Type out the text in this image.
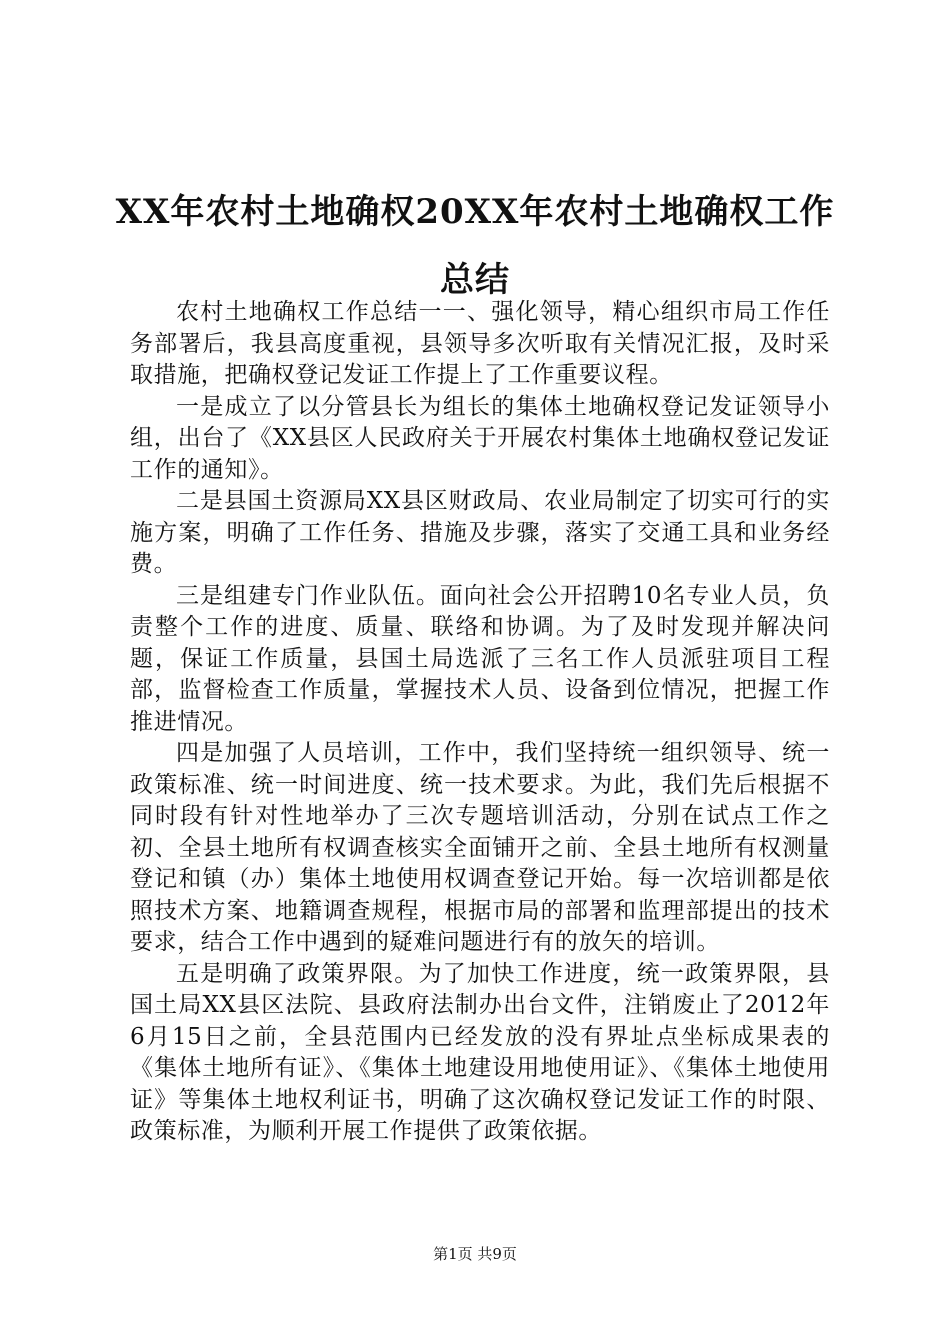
XX年农村土地确权20XX年农村土地确权工作总结

农村土地确权工作总结一一、强化领导，精心组织市局工作任务部署后，我县高度重视，县领导多次听取有关情况汇报，及时采取措施，把确权登记发证工作提上了工作重要议程。

一是成立了以分管县长为组长的集体土地确权登记发证领导小组，出台了《XX县区人民政府关于开展农村集体土地确权登记发证工作的通知》。

二是县国土资源局XX县区财政局、农业局制定了切实可行的实施方案，明确了工作任务、措施及步骤，落实了交通工具和业务经费。

三是组建专门作业队伍。面向社会公开招聘10名专业人员，负责整个工作的进度、质量、联络和协调。为了及时发现并解决问题，保证工作质量，县国土局选派了三名工作人员派驻项目工程部，监督检查工作质量，掌握技术人员、设备到位情况，把握工作推进情况。

四是加强了人员培训，工作中，我们坚持统一组织领导、统一政策标准、统一时间进度、统一技术要求。为此，我们先后根据不同时段有针对性地举办了三次专题培训活动，分别在试点工作之初、全县土地所有权调查核实全面铺开之前、全县土地所有权测量登记和镇（办）集体土地使用权调查登记开始。每一次培训都是依照技术方案、地籍调查规程，根据市局的部署和监理部提出的技术要求，结合工作中遇到的疑难问题进行有的放矢的培训。

五是明确了政策界限。为了加快工作进度，统一政策界限，县国土局XX县区法院、县政府法制办出台文件，注销废止了2012年6月15日之前，全县范围内已经发放的没有界址点坐标成果表的《集体土地所有证》、《集体土地建设用地使用证》、《集体土地使用证》等集体土地权利证书，明确了这次确权登记发证工作的时限、政策标准，为顺利开展工作提供了政策依据。

第1页 共9页
